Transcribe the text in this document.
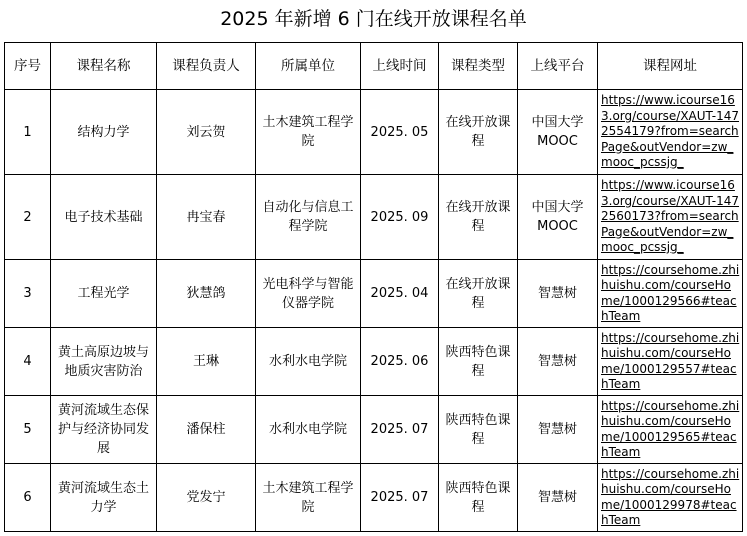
2025 年新增 6 门在线开放课程名单
序号	课程名称	课程负责人	所属单位	上线时间	课程类型	上线平台	课程网址
1	结构力学	刘云贺	土木建筑工程学院	2025. 05	在线开放课程	中国大学MOOC	https://www.icourse163.org/course/XAUT-1472554179?from=searchPage&outVendor=zw_mooc_pcssjg_
2	电子技术基础	冉宝春	自动化与信息工程学院	2025. 09	在线开放课程	中国大学MOOC	https://www.icourse163.org/course/XAUT-1472560173?from=searchPage&outVendor=zw_mooc_pcssjg_
3	工程光学	狄慧鸽	光电科学与智能仪器学院	2025. 04	在线开放课程	智慧树	https://coursehome.zhihuishu.com/courseHome/1000129566#teachTeam
4	黄土高原边坡与地质灾害防治	王琳	水利水电学院	2025. 06	陕西特色课程	智慧树	https://coursehome.zhihuishu.com/courseHome/1000129557#teachTeam
5	黄河流域生态保护与经济协同发展	潘保柱	水利水电学院	2025. 07	陕西特色课程	智慧树	https://coursehome.zhihuishu.com/courseHome/1000129565#teachTeam
6	黄河流域生态土力学	党发宁	土木建筑工程学院	2025. 07	陕西特色课程	智慧树	https://coursehome.zhihuishu.com/courseHome/1000129978#teachTeam
